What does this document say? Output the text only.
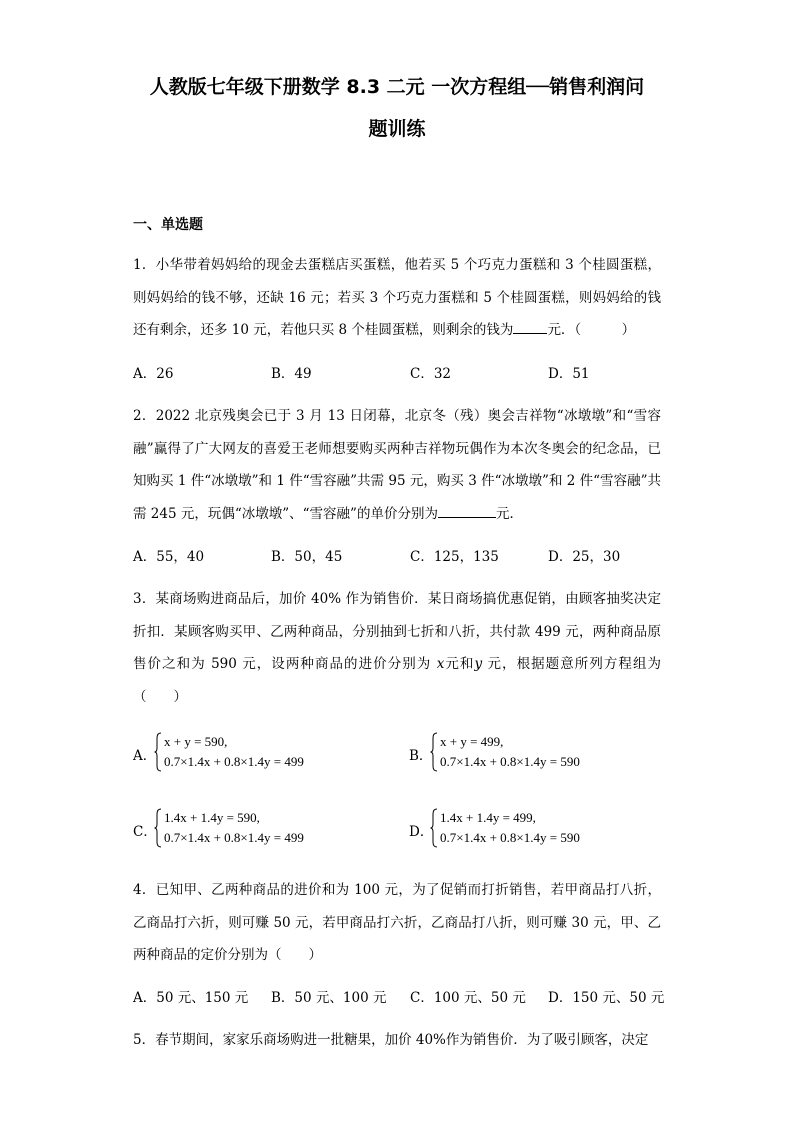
人教版七年级下册数学 8.3 二元 一次方程组──销售利润问
题训练
一、单选题
1．小华带着妈妈给的现金去蛋糕店买蛋糕，他若买 5 个巧克力蛋糕和 3 个桂圆蛋糕，则妈妈给的钱不够，还缺 16 元；若买 3 个巧克力蛋糕和 5 个桂圆蛋糕，则妈妈给的钱还有剩余，还多 10 元，若他只买 8 个桂圆蛋糕，则剩余的钱为	元．（　　　）
A．26	B．49	C．32	D．51
2．2022 北京残奥会已于 3 月 13 日闭幕，北京冬（残）奥会吉祥物“冰墩墩”和“雪容融”赢得了广大网友的喜爱王老师想要购买两种吉祥物玩偶作为本次冬奥会的纪念品，已知购买 1 件“冰墩墩”和 1 件“雪容融”共需 95 元，购买 3 件“冰墩墩”和 2 件“雪容融”共需 245 元，玩偶“冰墩墩”、“雪容融”的单价分别为	元．
A．55，40	B．50，45	C．125，135	D．25，30
3．某商场购进商品后，加价 40% 作为销售价．某日商场搞优惠促销，由顾客抽奖决定折扣．某顾客购买甲、乙两种商品，分别抽到七折和八折，共付款 499 元，两种商品原售价之和为 590 元，设两种商品的进价分别为 x元和y 元，根据题意所列方程组为（　　）
A．
x + y = 590,
0.7×1.4x + 0.8×1.4y = 499	B．
x + y = 499,
0.7×1.4x + 0.8×1.4y = 590
C．
1.4x + 1.4y = 590,
0.7×1.4x + 0.8×1.4y = 499	D．
1.4x + 1.4y = 499,
0.7×1.4x + 0.8×1.4y = 590
4．已知甲、乙两种商品的进价和为 100 元，为了促销而打折销售，若甲商品打八折，乙商品打六折，则可赚 50 元，若甲商品打六折，乙商品打八折，则可赚 30 元，甲、乙两种商品的定价分别为（　　）
A．50 元、150 元 B．50 元、100 元 C．100 元、50 元 D．150 元、50 元
5．春节期间，家家乐商场购进一批糖果，加价 40%作为销售价．为了吸引顾客，决定
